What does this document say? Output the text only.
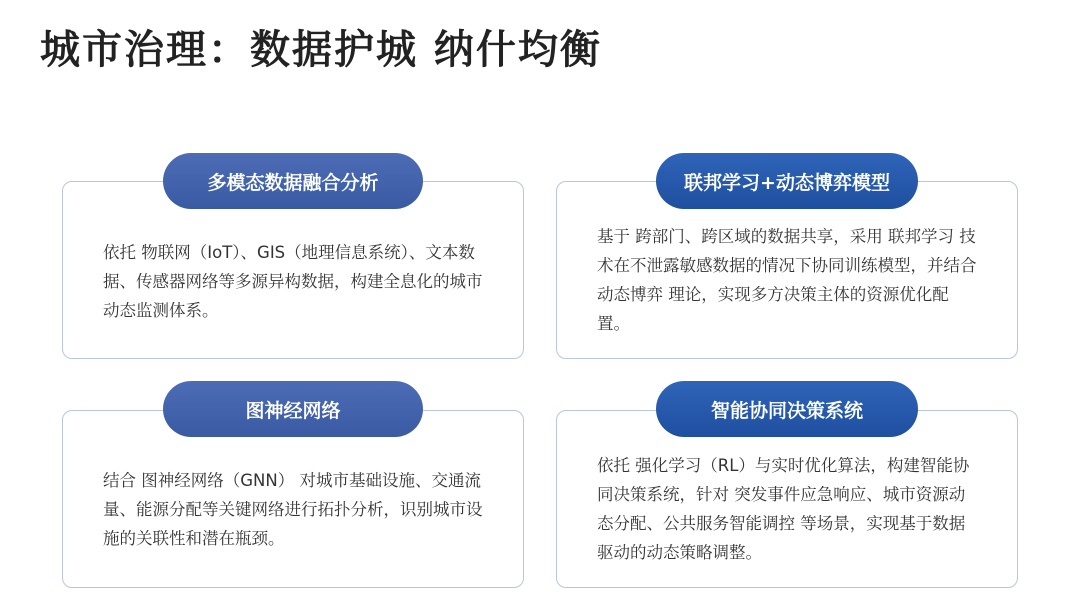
城市治理：数据护城 纳什均衡
依托 物联网（IoT）、GIS（地理信息系统）、文本数据、传感器网络等多源异构数据，构建全息化的城市动态监测体系。
多模态数据融合分析
基于 跨部门、跨区域的数据共享，采用 联邦学习 技术在不泄露敏感数据的情况下协同训练模型，并结合 动态博弈 理论，实现多方决策主体的资源优化配置。
联邦学习+动态博弈模型
结合 图神经网络（GNN） 对城市基础设施、交通流量、能源分配等关键网络进行拓扑分析，识别城市设施的关联性和潜在瓶颈。
图神经网络
依托 强化学习（RL）与实时优化算法，构建智能协同决策系统，针对 突发事件应急响应、城市资源动态分配、公共服务智能调控 等场景，实现基于数据驱动的动态策略调整。
智能协同决策系统
